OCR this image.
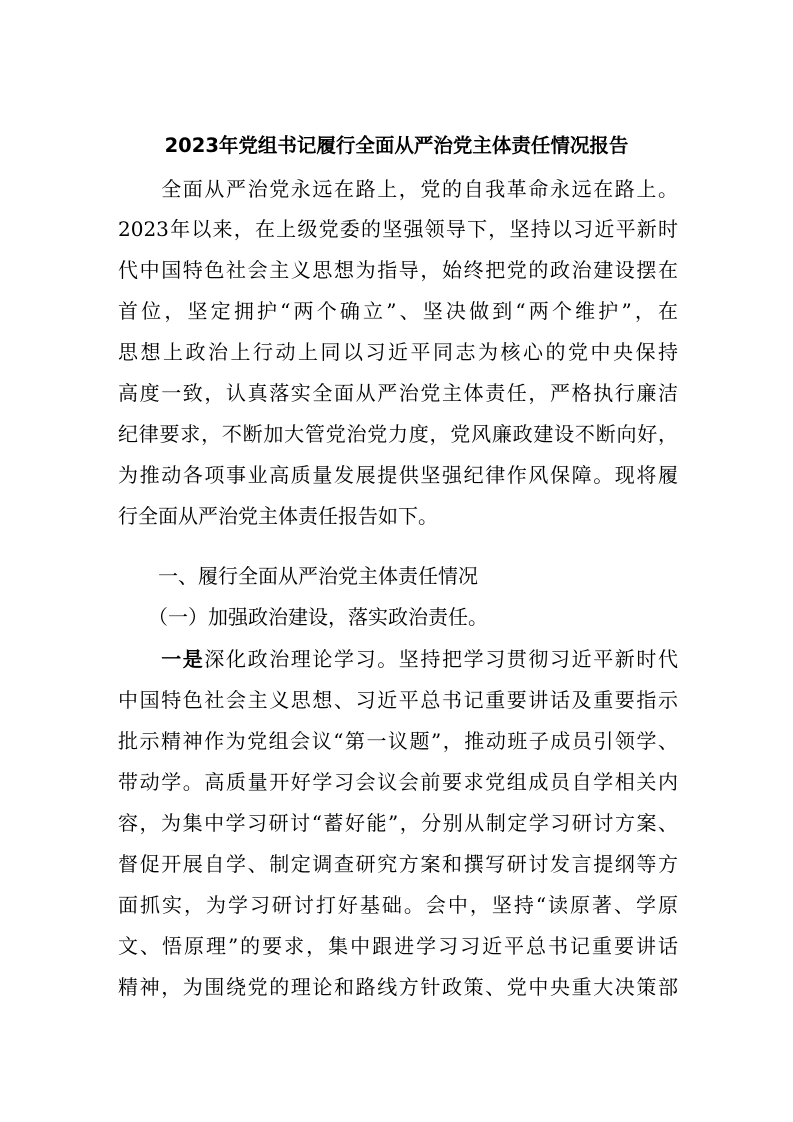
2023年党组书记履行全面从严治党主体责任情况报告
　　全面从严治党永远在路上，党的自我革命永远在路上。
2023年以来，在上级党委的坚强领导下，坚持以习近平新时
代中国特色社会主义思想为指导，始终把党的政治建设摆在
首位，坚定拥护“两个确立”、坚决做到“两个维护”，在
思想上政治上行动上同以习近平同志为核心的党中央保持
高度一致，认真落实全面从严治党主体责任，严格执行廉洁
纪律要求，不断加大管党治党力度，党风廉政建设不断向好，
为推动各项事业高质量发展提供坚强纪律作风保障。现将履
行全面从严治党主体责任报告如下。
　　一、履行全面从严治党主体责任情况
　　（一）加强政治建设，落实政治责任。
　　一是深化政治理论学习。坚持把学习贯彻习近平新时代
中国特色社会主义思想、习近平总书记重要讲话及重要指示
批示精神作为党组会议“第一议题”，推动班子成员引领学、
带动学。高质量开好学习会议会前要求党组成员自学相关内
容，为集中学习研讨“蓄好能”，分别从制定学习研讨方案、
督促开展自学、制定调查研究方案和撰写研讨发言提纲等方
面抓实，为学习研讨打好基础。会中，坚持“读原著、学原
文、悟原理”的要求，集中跟进学习习近平总书记重要讲话
精神，为围绕党的理论和路线方针政策、党中央重大决策部
